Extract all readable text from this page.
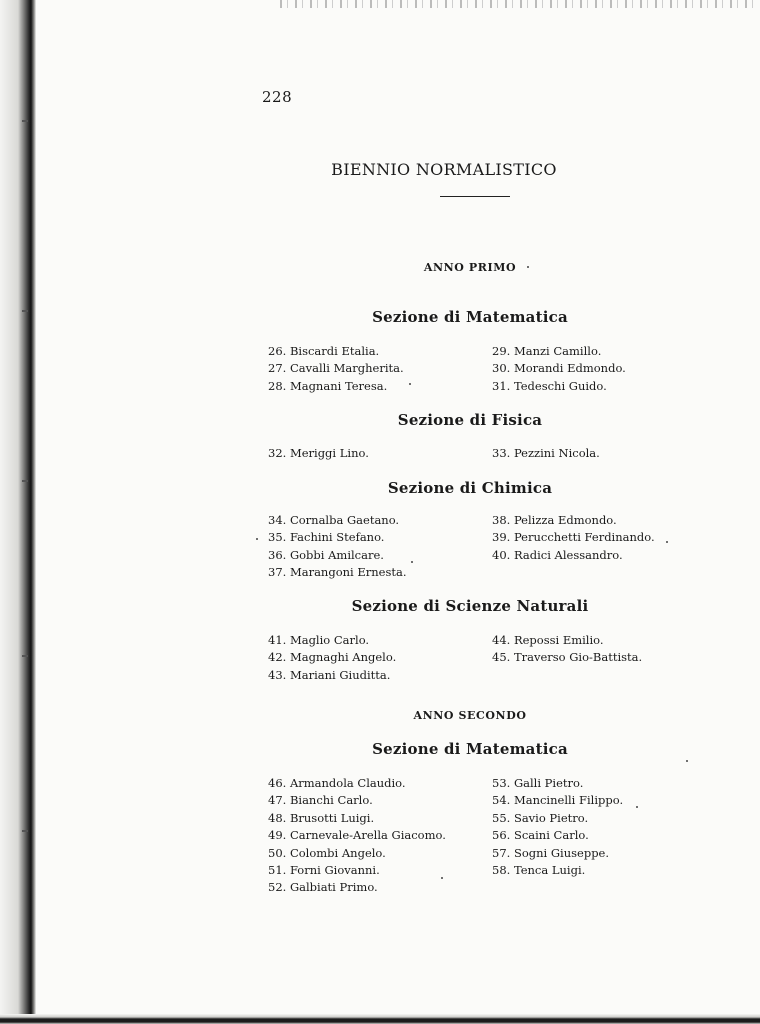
228
BIENNIO NORMALISTICO
ANNO PRIMO
Sezione di Matematica
26. Biscardi Etalia.
27. Cavalli Margherita.
28. Magnani Teresa.
29. Manzi Camillo.
30. Morandi Edmondo.
31. Tedeschi Guido.
Sezione di Fisica
32. Meriggi Lino.	33. Pezzini Nicola.
Sezione di Chimica
34. Cornalba Gaetano.
35. Fachini Stefano.
36. Gobbi Amilcare.
37. Marangoni Ernesta.
38. Pelizza Edmondo.
39. Perucchetti Ferdinando.
40. Radici Alessandro.
Sezione di Scienze Naturali
41. Maglio Carlo.
42. Magnaghi Angelo.
43. Mariani Giuditta.
44. Repossi Emilio.
45. Traverso Gio-Battista.
ANNO SECONDO
Sezione di Matematica
46. Armandola Claudio.
47. Bianchi Carlo.
48. Brusotti Luigi.
49. Carnevale-Arella Giacomo.
50. Colombi Angelo.
51. Forni Giovanni.
52. Galbiati Primo.
53. Galli Pietro.
54. Mancinelli Filippo.
55. Savio Pietro.
56. Scaini Carlo.
57. Sogni Giuseppe.
58. Tenca Luigi.
